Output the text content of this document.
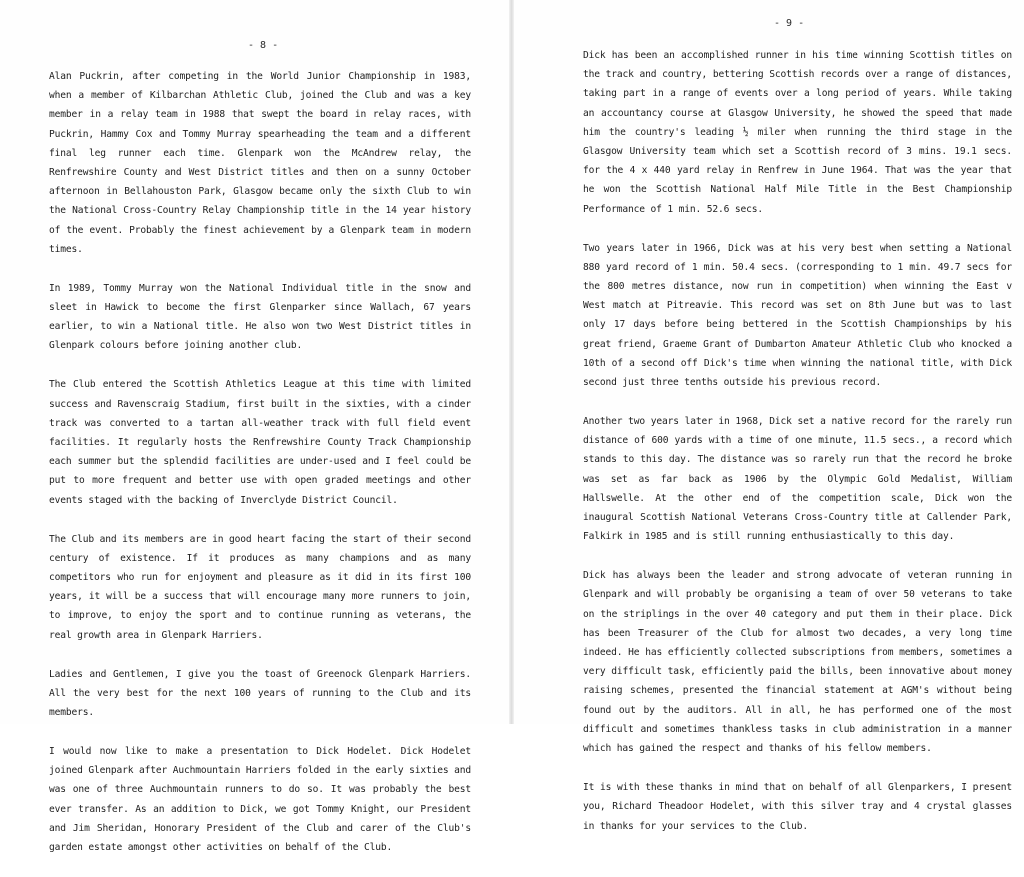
- 8 -

Alan Puckrin, after competing in the World Junior Championship in 1983, when a member of Kilbarchan Athletic Club, joined the Club and was a key member in a relay team in 1988 that swept the board in relay races, with Puckrin, Hammy Cox and Tommy Murray spearheading the team and a different final leg runner each time. Glenpark won the McAndrew relay, the Renfrewshire County and West District titles and then on a sunny October afternoon in Bellahouston Park, Glasgow became only the sixth Club to win the National Cross-Country Relay Championship title in the 14 year history of the event. Probably the finest achievement by a Glenpark team in modern times.

In 1989, Tommy Murray won the National Individual title in the snow and sleet in Hawick to become the first Glenparker since Wallach, 67 years earlier, to win a National title. He also won two West District titles in Glenpark colours before joining another club.

The Club entered the Scottish Athletics League at this time with limited success and Ravenscraig Stadium, first built in the sixties, with a cinder track was converted to a tartan all-weather track with full field event facilities. It regularly hosts the Renfrewshire County Track Championship each summer but the splendid facilities are under-used and I feel could be put to more frequent and better use with open graded meetings and other events staged with the backing of Inverclyde District Council.

The Club and its members are in good heart facing the start of their second century of existence. If it produces as many champions and as many competitors who run for enjoyment and pleasure as it did in its first 100 years, it will be a success that will encourage many more runners to join, to improve, to enjoy the sport and to continue running as veterans, the real growth area in Glenpark Harriers.

Ladies and Gentlemen, I give you the toast of Greenock Glenpark Harriers. All the very best for the next 100 years of running to the Club and its members.

I would now like to make a presentation to Dick Hodelet. Dick Hodelet joined Glenpark after Auchmountain Harriers folded in the early sixties and was one of three Auchmountain runners to do so. It was probably the best ever transfer. As an addition to Dick, we got Tommy Knight, our President and Jim Sheridan, Honorary President of the Club and carer of the Club's garden estate amongst other activities on behalf of the Club.

- 9 -

Dick has been an accomplished runner in his time winning Scottish titles on the track and country, bettering Scottish records over a range of distances, taking part in a range of events over a long period of years. While taking an accountancy course at Glasgow University, he showed the speed that made him the country's leading ½ miler when running the third stage in the Glasgow University team which set a Scottish record of 3 mins. 19.1 secs. for the 4 x 440 yard relay in Renfrew in June 1964. That was the year that he won the Scottish National Half Mile Title in the Best Championship Performance of 1 min. 52.6 secs.

Two years later in 1966, Dick was at his very best when setting a National 880 yard record of 1 min. 50.4 secs. (corresponding to 1 min. 49.7 secs for the 800 metres distance, now run in competition) when winning the East v West match at Pitreavie. This record was set on 8th June but was to last only 17 days before being bettered in the Scottish Championships by his great friend, Graeme Grant of Dumbarton Amateur Athletic Club who knocked a 10th of a second off Dick's time when winning the national title, with Dick second just three tenths outside his previous record.

Another two years later in 1968, Dick set a native record for the rarely run distance of 600 yards with a time of one minute, 11.5 secs., a record which stands to this day. The distance was so rarely run that the record he broke was set as far back as 1906 by the Olympic Gold Medalist, William Hallswelle. At the other end of the competition scale, Dick won the inaugural Scottish National Veterans Cross-Country title at Callender Park, Falkirk in 1985 and is still running enthusiastically to this day.

Dick has always been the leader and strong advocate of veteran running in Glenpark and will probably be organising a team of over 50 veterans to take on the striplings in the over 40 category and put them in their place. Dick has been Treasurer of the Club for almost two decades, a very long time indeed. He has efficiently collected subscriptions from members, sometimes a very difficult task, efficiently paid the bills, been innovative about money raising schemes, presented the financial statement at AGM's without being found out by the auditors. All in all, he has performed one of the most difficult and sometimes thankless tasks in club administration in a manner which has gained the respect and thanks of his fellow members.

It is with these thanks in mind that on behalf of all Glenparkers, I present you, Richard Theadoor Hodelet, with this silver tray and 4 crystal glasses in thanks for your services to the Club.
